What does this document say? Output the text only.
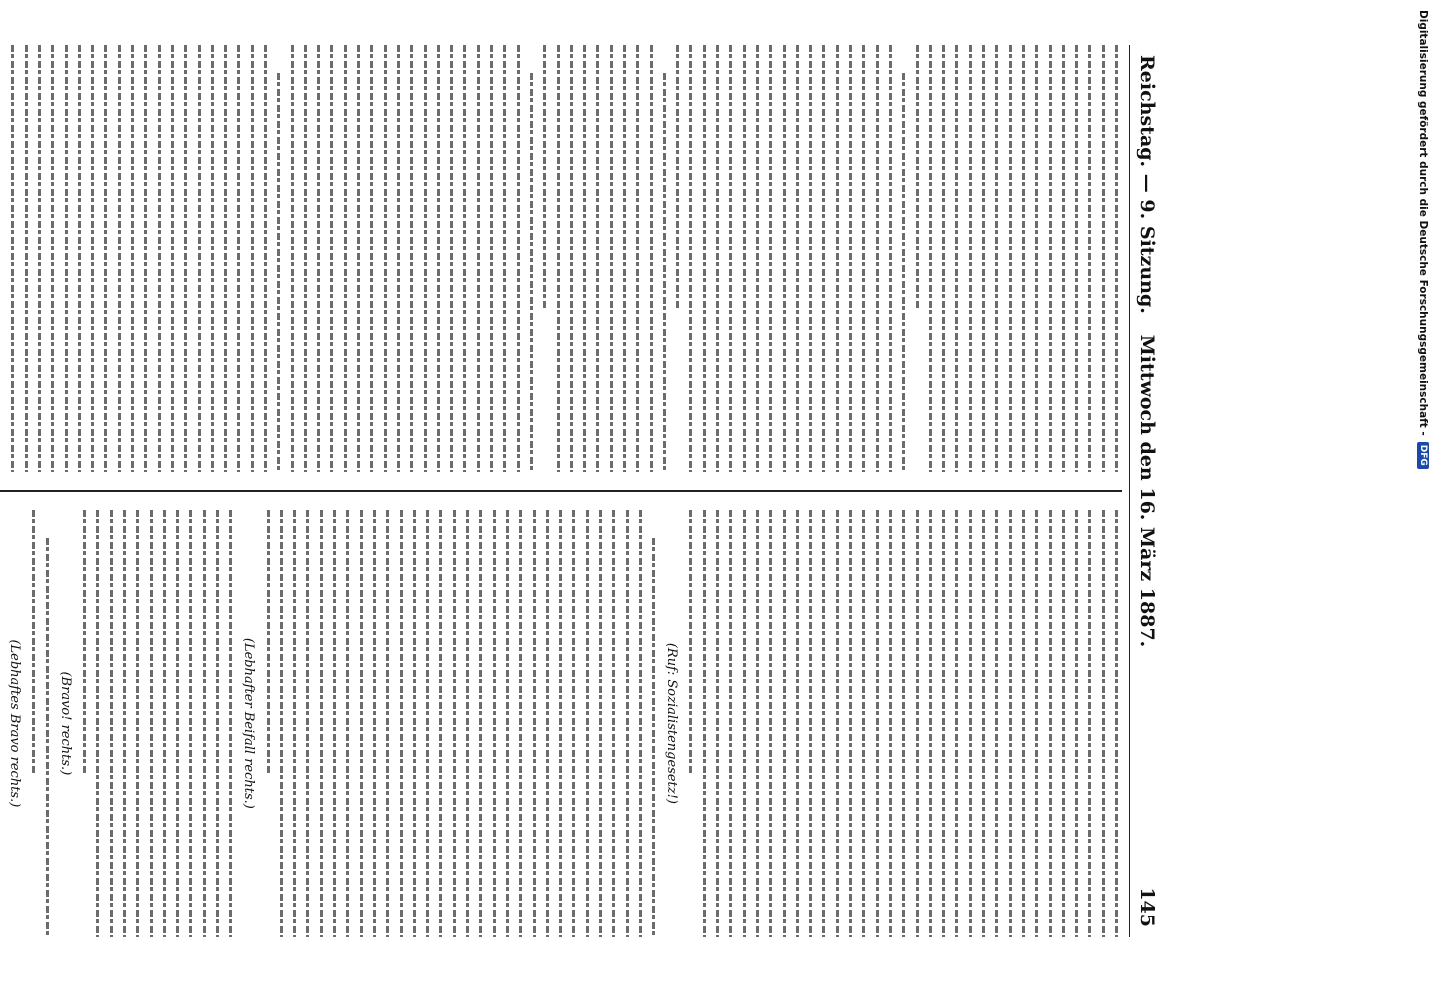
Reichstag. — 9. Sitzung.
Mittwoch den 16. März 1887.
145
(Ruf: Sozialistengesetz!)
(Lebhafter Beifall rechts.)
(Bravo! rechts.)
(Lebhaftes Bravo rechts.)
Digitalisierung gefördert durch die Deutsche Forschungsgemeinschaft -
DFG
